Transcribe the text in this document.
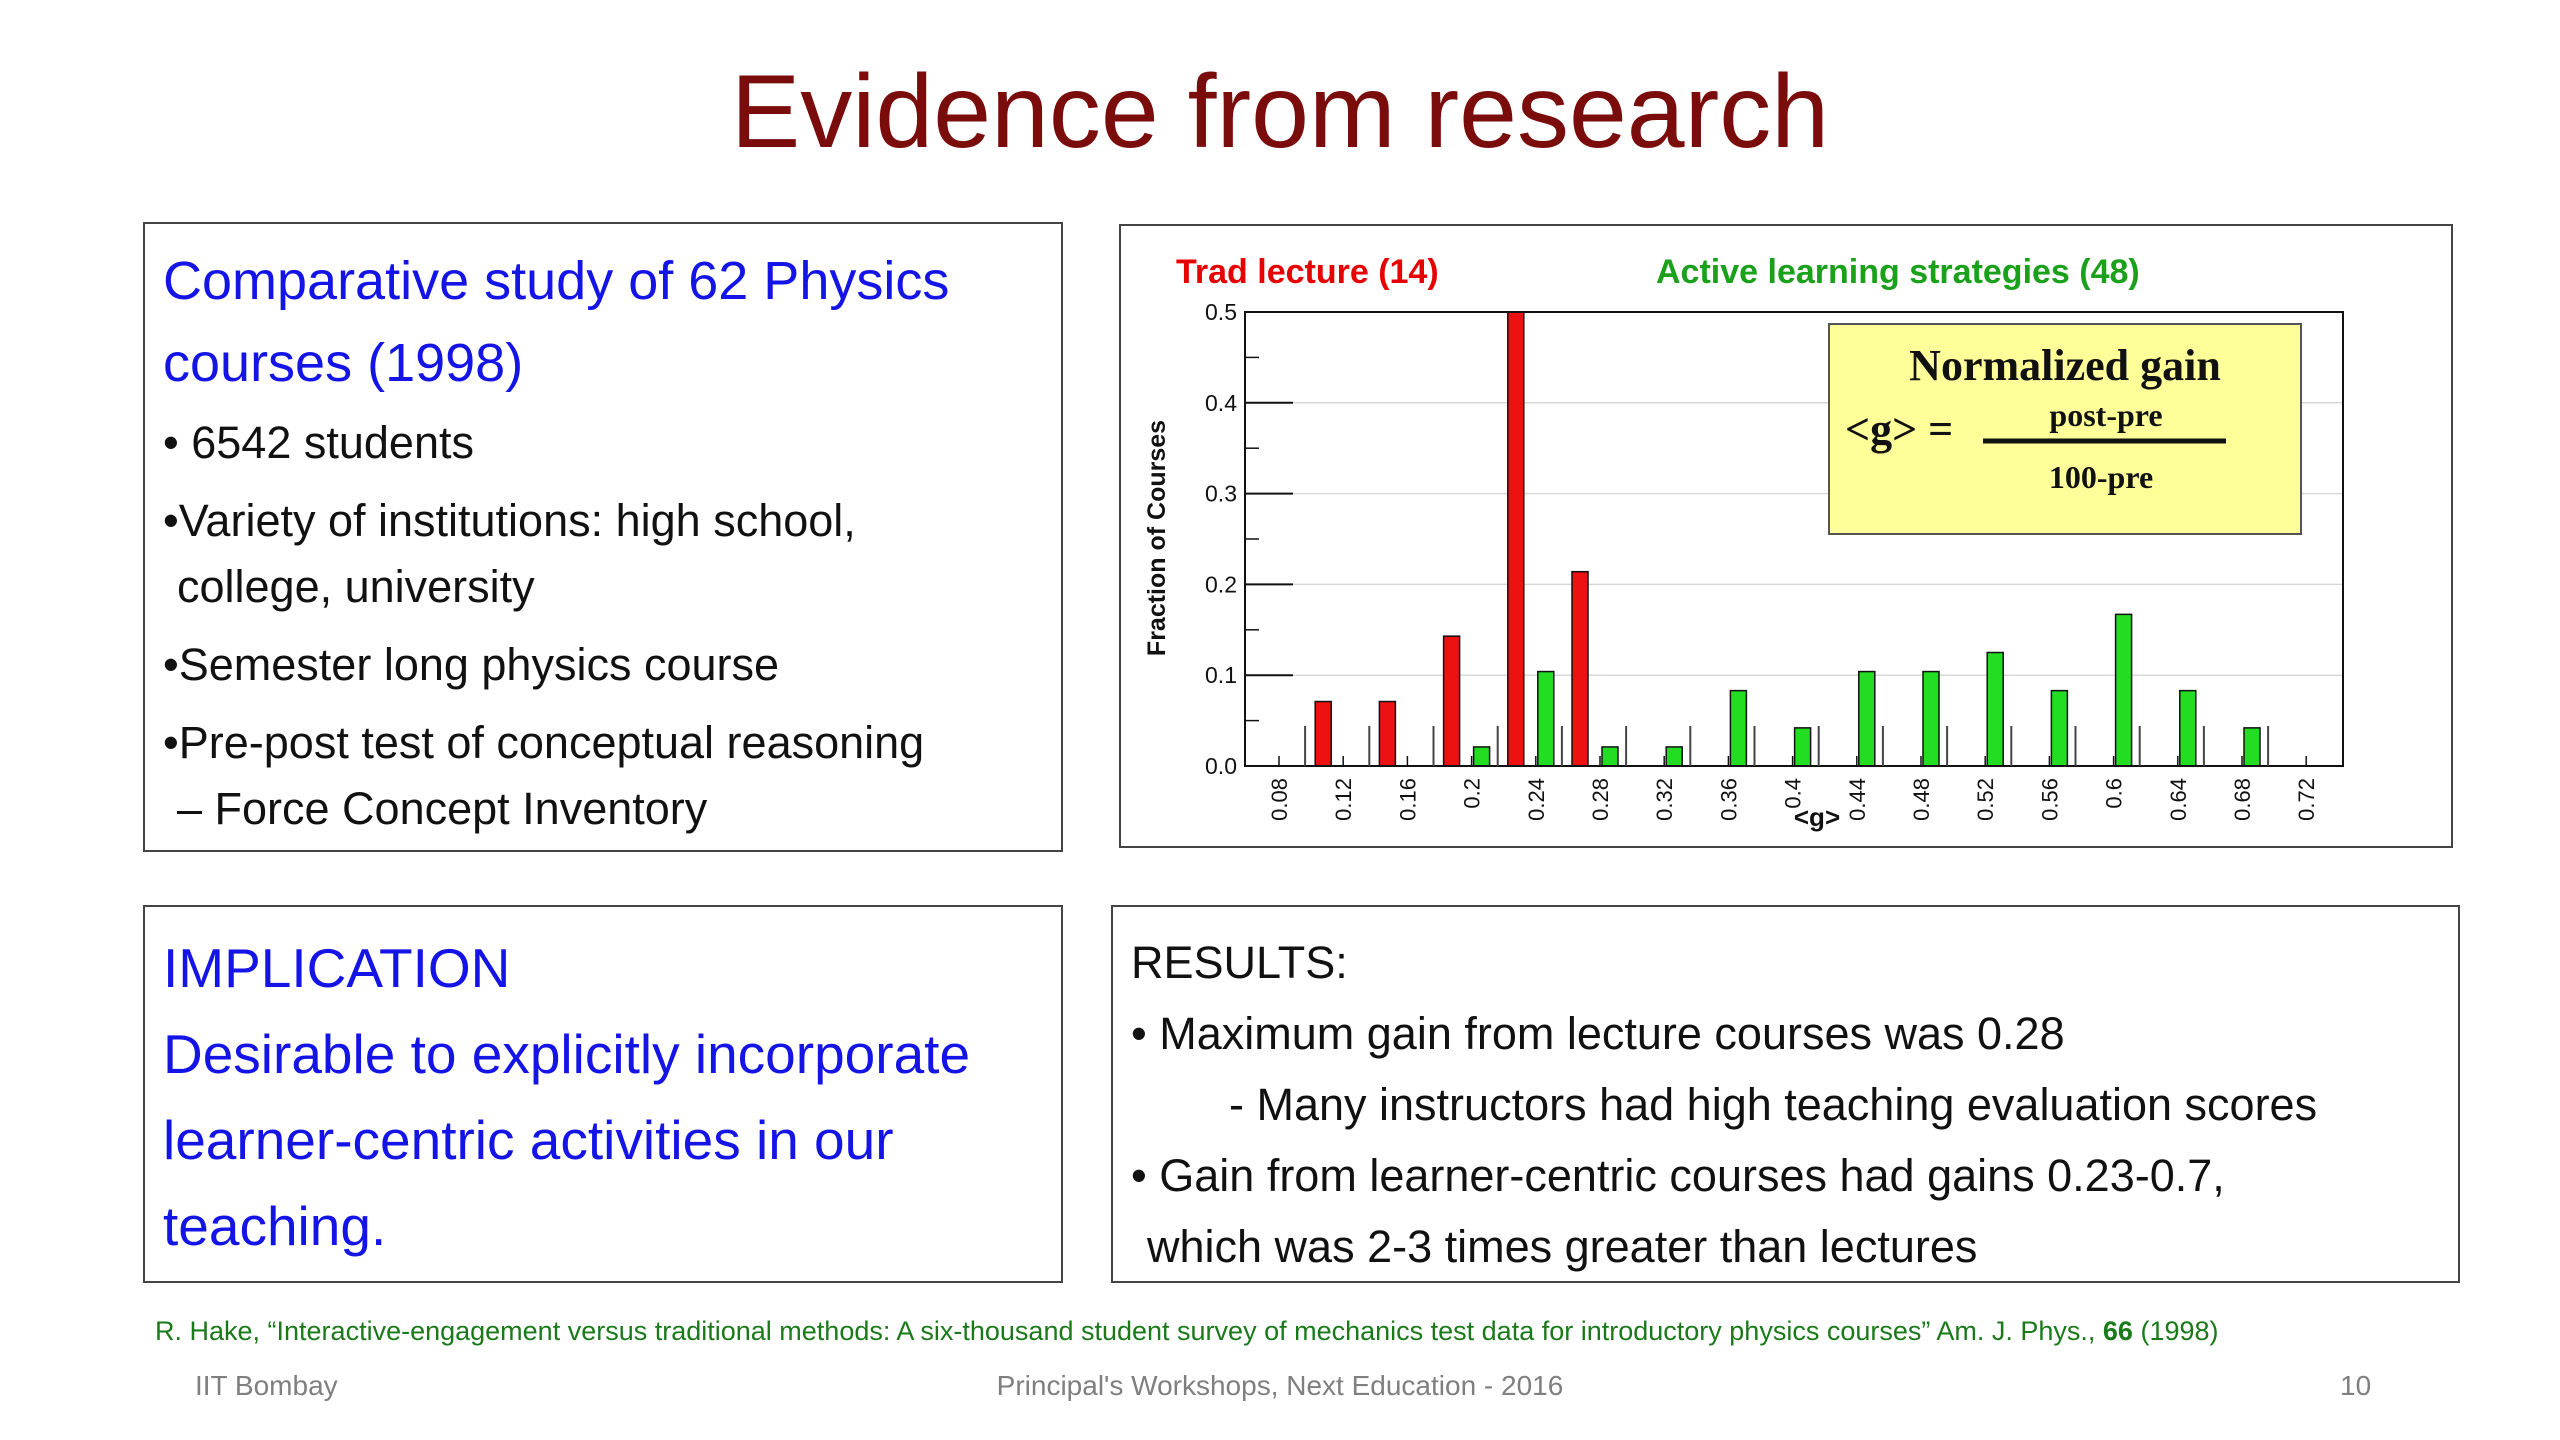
Evidence from research

Comparative study of 62 Physics
courses (1998)

• 6542 students
•Variety of institutions: high school,
college, university
•Semester long physics course
•Pre-post test of conceptual reasoning
– Force Concept Inventory
0.0
0.1
0.2
0.3
0.4
0.5
0.08 0.12 0.16 0.2 0.24 0.28 0.32 0.36 0.4 0.44 0.48 0.52 0.56 0.6 0.64 0.68 0.72
Trad lecture (14)	Active learning strategies (48)
Fraction of Courses
<g>
Normalized gain
<g> =	post-pre
100-pre

IMPLICATION

Desirable to explicitly incorporate

learner-centric activities in our

teaching.

RESULTS:

• Maximum gain from lecture courses was 0.28

- Many instructors had high teaching evaluation scores

• Gain from learner-centric courses had gains 0.23-0.7,

which was 2-3 times greater than lectures

R. Hake, “Interactive-engagement versus traditional methods: A six-thousand student survey of mechanics test data for introductory physics courses” Am. J. Phys., 66 (1998)
IIT Bombay	Principal's Workshops, Next Education - 2016	10
